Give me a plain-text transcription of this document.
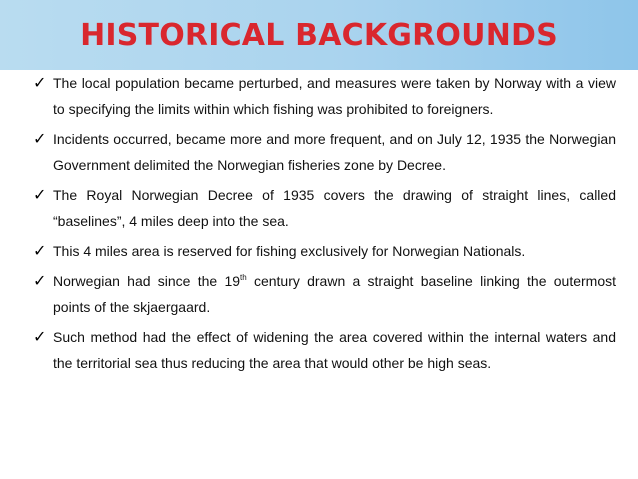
HISTORICAL BACKGROUNDS

✓ The local population became perturbed, and measures were taken by Norway with a view to specifying the limits within which fishing was prohibited to foreigners.

✓ Incidents occurred, became more and more frequent, and on July 12, 1935 the Norwegian Government delimited the Norwegian fisheries zone by Decree.

✓ The Royal Norwegian Decree of 1935 covers the drawing of straight lines, called “baselines”, 4 miles deep into the sea.

✓ This 4 miles area is reserved for fishing exclusively for Norwegian Nationals.

✓ Norwegian had since the 19th century drawn a straight baseline linking the outermost points of the skjaergaard.

✓ Such method had the effect of widening the area covered within the internal waters and the territorial sea thus reducing the area that would other be high seas.
